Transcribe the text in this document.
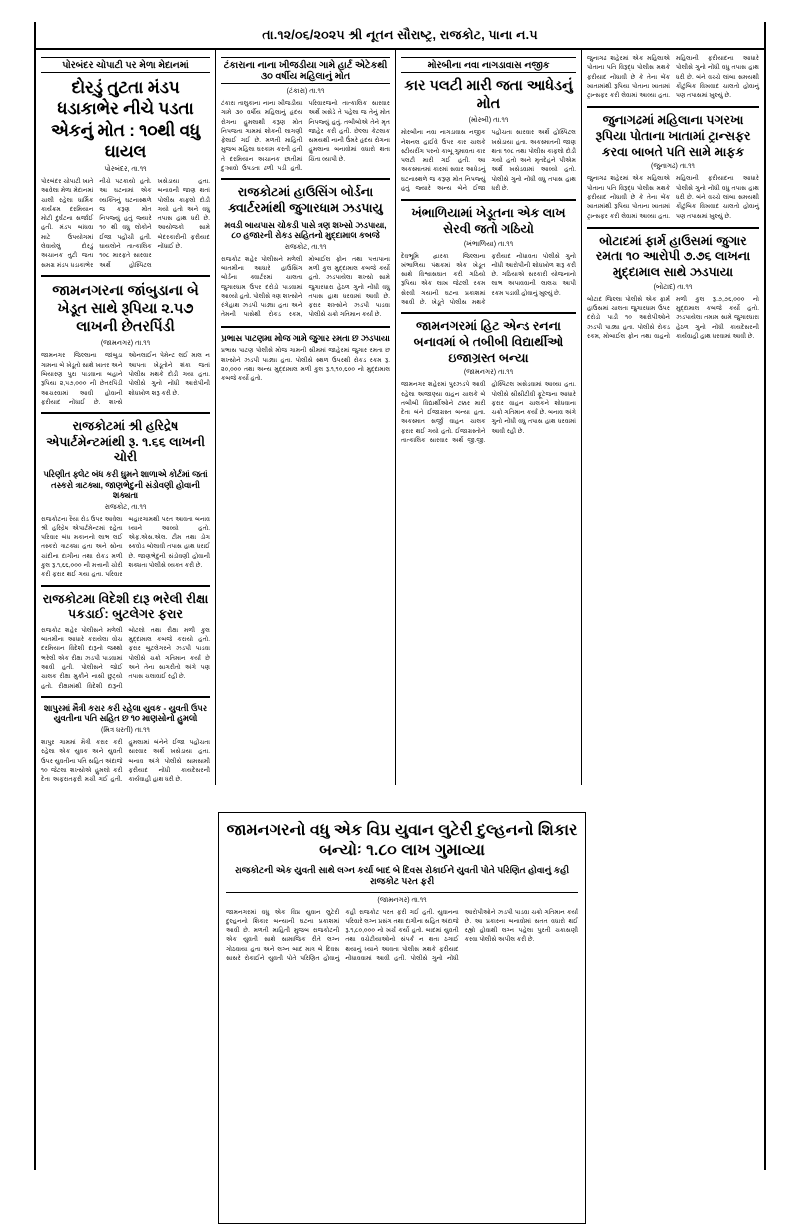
તા.૧૨/૦૬/૨૦૨૫ શ્રી નૂતન સૌરાષ્ટ્ર, રાજકોટ, પાના ન.૫
પોરબંદર ચોપાટી પર મેળા મેદાનમાં
દોરડું તુટતા મંડપ ધડાકાભેર નીચે પડતા એકનું મોત : ૧૦થી વધુ ઘાયલ
પોરબંદર, તા.૧૧

પોરબંદર ચોપાટી ખાતે આવેલા મેળા મેદાનમાં ચાલી રહેલા ધાર્મિક કાર્યક્રમ દરમિયાન મોટી દુર્ઘટના સર્જાઈ હતી. મંડપ બાંધવા માટે ઉપયોગમાં લેવાયેલું દોરડું અચાનક તુટી જતા સમગ્ર મંડપ ધડાકાભેર નીચે પટકાયો હતો. આ ઘટનામાં એક વ્યક્તિનું ઘટનાસ્થળે જ કરૂણ મોત નિપજ્યું હતું જ્યારે ૧૦ થી વધુ લોકોને ઈજા પહોંચી હતી. ઘાયલોને તાત્કાલિક ૧૦૮ મારફતે સારવાર અર્થે હોસ્પિટલ ખસેડાયા હતા. બનાવની જાણ થતાં પોલીસ કાફલો દોડી ગયો હતો અને વધુ તપાસ હાથ ધરી છે. આયોજકો સામે બેદરકારીની ફરીયાદ નોંધાઈ છે.

જામનગરના જાંબુડાના બે ખેડૂત સાથે રૂપિયા ૨.૫૭ લાખની છેતરપિંડી
(જામનગર) તા.૧૧

જામનગર જિલ્લાના જાંબુડા ગામના બે ખેડૂતો સાથે ખાતર અને બિયારણ પુરા પાડવાના બહાને રૂપિયા ૨,૫૭,૦૦૦ ની છેતરપિંડી આચરવામાં આવી હોવાની ફરીયાદ નોંધાઈ છે. શખ્સે ઓનલાઈન પેમેન્ટ લઈ માલ ન આપતા ખેડૂતોને શંકા જતાં પોલીસ મથકે દોડી ગયા હતા. પોલીસે ગુનો નોંધી આરોપીની શોધખોળ શરૂ કરી છે.

રાજકોટમાં શ્રી હરિદ્રેષ એપાર્ટમેન્ટમાંથી રૂ. ૧.૬૬ લાખની ચોરી
પરિણીત ફ્લેટ બંધ કરી ઘુમને શાળાએ કોર્ટમાં જતાં તસ્કરો ત્રાટક્યા, જાણભેદુની સંડોવણી હોવાની શક્યતા
રાજકોટ, તા.૧૧

રાજકોટના રૈયા રોડ ઉપર આવેલા શ્રી હરિદ્રેષ એપાર્ટમેન્ટમાં રહેતા પરિવાર બંધ મકાનનો લાભ લઈ તસ્કરો ત્રાટક્યા હતા અને સોના ચાંદીના દાગીના તથા રોકડ મળી કુલ રૂ.૧,૬૬,૦૦૦ ની મત્તાની ચોરી કરી ફરાર થઈ ગયા હતા. પરિવાર બહારગામથી પરત આવતા બનાવ ધ્યાને આવ્યો હતો. એફ.એસ.એલ. ટીમ તથા ડોગ સ્કવોડ બોલાવી તપાસ હાથ ધરાઈ છે. જાણભેદુની સંડોવણી હોવાની શક્યતા પોલીસે વ્યક્ત કરી છે.

રાજકોટમા વિદેશી દારૂ ભરેલી રીક્ષા પકડાઈ: બુટલેગર ફરાર

રાજકોટ શહેર પોલીસને મળેલી બાતમીના આધારે કરાયેલા વોચ દરમિયાન વિદેશી દારૂનો જથ્થો ભરેલી એક રીક્ષા ઝડપી પાડવામાં આવી હતી. પોલીસને જોઈ ચાલક રીક્ષા મુકીને નાસી છુટ્યો હતો. રીક્ષામાંથી વિદેશી દારૂની બોટલો તથા રીક્ષા મળી કુલ મુદ્દામાલ કબજે કરાયો હતો. ફરાર બુટલેગરને ઝડપી પાડવા પોલીસે ચક્રો ગતિમાન કર્યા છે અને તેના સાગરીતો અંગે પણ તપાસ ચલાવાઈ રહી છે.

શાપુરમાં મૈત્રી કરાર કરી રહેલા યુવક - યુવતી ઉપર યુવતીના પતિ સહિત છ ૧૦ માણસોનો હુમલો
(મિત્ર ધરતી) તા.૧૧

શાપુર ગામમાં મૈત્રી કરાર કરી રહેલા એક યુવક અને યુવતી ઉપર યુવતીના પતિ સહિત અંદાજે ૧૦ જેટલા શખ્સોએ હુમલો કરી દેતા અફરાતફરી મચી ગઈ હતી. હુમલામાં બંનેને ઈજા પહોંચતા સારવાર અર્થે ખસેડાયા હતા. બનાવ અંગે પોલીસે સામસામી ફરીયાદ નોંધી કાયદેસરની કાર્યવાહી હાથ ધરી છે.

ટંકારાના નાના ખીજડીયા ગામે હાર્ટ એટેકથી ૩૦ વર્ષીય મહિલાનું મોત
(ટંકારા) તા.૧૧

ટંકારા તાલુકાના નાના ખીજડીયા ગામે ૩૦ વર્ષીય મહિલાનું હૃદય રોગના હુમલાથી કરૂણ મોત નિપજતા ગામમાં શોકની લાગણી ફેલાઈ ગઈ છે. મળતી માહિતી મુજબ મહિલા ઘરકામ કરતી હતી તે દરમિયાન અચાનક છાતીમાં દુઃખાવો ઉપડતા ઢળી પડી હતી. પરિવારજનો તાત્કાલિક સારવાર અર્થે ખસેડે તે પહેલા જ તેનું મોત નિપજ્યું હતું. તબીબોએ તેને મૃત જાહેર કરી હતી. છેલ્લા કેટલાક સમયથી નાની ઉંમરે હૃદય રોગના હુમલાના બનાવોમાં વધારો થતા ચિંતા વ્યાપી છે.

રાજકોટમાં હાઉસિંગ બોર્ડના ક્વાર્ટરમાંથી જુગારધામ ઝડપાયુ
મવડી બાયપાસ ચોકડી પાસે ત્રણ શખ્સો ઝડપાયા, ૮૦ હજારની રોકડ સહિતનો મુદ્દામાલ કબજે
રાજકોટ, તા.૧૧

રાજકોટ શહેર પોલીસને મળેલી બાતમીના આધારે હાઉસિંગ બોર્ડના ક્વાર્ટરમાં ચાલતા જુગારધામ ઉપર દરોડો પાડવામાં આવ્યો હતો. પોલીસે ત્રણ શખ્સોને રંગેહાથ ઝડપી પાડ્યા હતા અને તેમની પાસેથી રોકડ રકમ, મોબાઈલ ફોન તથા પત્તાપાના મળી કુલ મુદ્દામાલ કબજે કર્યો હતો. ઝડપાયેલા શખ્સો સામે જુગારધારા હેઠળ ગુનો નોંધી વધુ તપાસ હાથ ધરવામાં આવી છે. ફરાર શખ્સોને ઝડપી પાડવા પોલીસે ચક્રો ગતિમાન કર્યા છે.

પ્રભાસ પાટણમા મોજ ગામે જુગાર રમતા છ ઝડપાયા

પ્રભાસ પાટણ પોલીસે મોજ ગામની સીમમાં જાહેરમાં જુગાર રમતા છ શખ્સોને ઝડપી પાડ્યા હતા. પોલીસે સ્થળ ઉપરથી રોકડ રકમ રૂ. ૨૦,૦૦૦ તથા અન્ય મુદ્દામાલ મળી કુલ રૂ.૧,૧૦,૬૦૦ નો મુદ્દામાલ કબજે કર્યો હતો.

મોરબીના નવા નાગડાવાસ નજીક
કાર પલટી મારી જતા આધેડનું મોત
(મોરબી) તા.૧૧

મોરબીના નવા નાગડાવાસ નજીક નેશનલ હાઈવે ઉપર કાર ચાલકે સ્ટીયરીંગ પરનો કાબૂ ગુમાવતા કાર પલટી મારી ગઈ હતી. આ અકસ્માતમાં કારમાં સવાર આધેડનું ઘટનાસ્થળે જ કરૂણ મોત નિપજ્યું હતું જ્યારે અન્ય બેને ઈજા પહોંચતા સારવાર અર્થે હોસ્પિટલ ખસેડાયા હતા. અકસ્માતની જાણ થતા ૧૦૮ તથા પોલીસ કાફલો દોડી ગયો હતો અને મૃતદેહને પીએમ અર્થે ખસેડવામાં આવ્યો હતો. પોલીસે ગુનો નોંધી વધુ તપાસ હાથ ધરી છે.

ખંભાળિયામાં ખેડૂતના એક લાખ સેરવી જતો ગઠિયો
(ખંભાળિયા) તા.૧૧

દેવભૂમિ દ્વારકા જિલ્લાના ખંભાળિયા પંથકમાં એક ખેડૂત સાથે વિશ્વાસઘાત કરી ગઠિયો રૂપિયા એક લાખ જેટલી રકમ સેરવી ગયાની ઘટના પ્રકાશમાં આવી છે. ખેડૂતે પોલીસ મથકે ફરીયાદ નોંધાવતા પોલીસે ગુનો નોંધી આરોપીની શોધખોળ શરૂ કરી છે. ગઠિયાએ સરકારી યોજનાનો લાભ અપાવવાની લાલચ આપી રકમ પડાવી હોવાનું ખુલ્યું છે.

જામનગરમાં હિટ એન્ડ રનના બનાવમાં બે તબીબી વિદ્યાર્થીઓ ઇજાગ્રસ્ત બન્યા
(જામનગર) તા.૧૧

જામનગર શહેરમાં પુરઝડપે આવી રહેલા અજાણ્યા વાહન ચાલકે બે તબીબી વિદ્યાર્થીઓને ટક્કર મારી દેતા બંને ઈજાગ્રસ્ત બન્યા હતા. અકસ્માત સર્જી વાહન ચાલક ફરાર થઈ ગયો હતો. ઈજાગ્રસ્તોને તાત્કાલિક સારવાર અર્થે જી.જી. હોસ્પિટલ ખસેડવામાં આવ્યા હતા. પોલીસે સીસીટીવી ફૂટેજના આધારે ફરાર વાહન ચાલકને શોધવાના ચક્રો ગતિમાન કર્યા છે. બનાવ અંગે ગુનો નોંધી વધુ તપાસ હાથ ધરવામાં આવી રહી છે.

જુનાગઢ શહેરમાં એક મહિલાએ પોતાના પતિ વિરૂદ્ધ પોલીસ મથકે ફરીયાદ નોંધાવી છે કે તેના બેંક ખાતામાંથી રૂપિયા પોતાના ખાતામાં ટ્રાન્સફર કરી લેવામાં આવ્યા હતા. મહિલાની ફરીયાદના આધારે પોલીસે ગુનો નોંધી વધુ તપાસ હાથ ધરી છે. બંને વચ્ચે લાંબા સમયથી કૌટુંબિક વિખવાદ ચાલતો હોવાનું પણ તપાસમાં ખુલ્યું છે.

જુનાગઢમાં મહિલાના પગરખા રૂપિયા પોતાના ખાતામાં ટ્રાન્સફર કરવા બાબતે પતિ સામે માફક
(જુનાગઢ) તા.૧૧

જુનાગઢ શહેરમાં એક મહિલાએ પોતાના પતિ વિરૂદ્ધ પોલીસ મથકે ફરીયાદ નોંધાવી છે કે તેના બેંક ખાતામાંથી રૂપિયા પોતાના ખાતામાં ટ્રાન્સફર કરી લેવામાં આવ્યા હતા. મહિલાની ફરીયાદના આધારે પોલીસે ગુનો નોંધી વધુ તપાસ હાથ ધરી છે. બંને વચ્ચે લાંબા સમયથી કૌટુંબિક વિખવાદ ચાલતો હોવાનું પણ તપાસમાં ખુલ્યું છે.

બોટાદમાં ફાર્મ હાઉસમાં જુગાર રમતા ૧૦ આરોપી ૭.૭૬ લાખના મુદ્દામાલ સાથે ઝડપાયા
(બોટાદ) તા.૧૧

બોટાદ જિલ્લા પોલીસે એક ફાર્મ હાઉસમાં ચાલતા જુગારધામ ઉપર દરોડો પાડી ૧૦ આરોપીઓને ઝડપી પાડ્યા હતા. પોલીસે રોકડ રકમ, મોબાઈલ ફોન તથા વાહનો મળી કુલ રૂ.૭,૭૬,૦૦૦ નો મુદ્દામાલ કબજે કર્યો હતો. ઝડપાયેલા તમામ સામે જુગારધારા હેઠળ ગુનો નોંધી કાયદેસરની કાર્યવાહી હાથ ધરવામાં આવી છે.

જામનગરનો વધુ એક વિપ્ર યુવાન લુટેરી દુલ્હનનો શિકાર બન્યોઃ ૧.૮૦ લાખ ગુમાવ્યા
રાજકોટની એક યુવતી સાથે લગ્ન કર્યા બાદ બે દિવસ રોકાઈને યુવતી પોતે પરિણિત હોવાનું કહી રાજકોટ પરત ફરી
(જામનગર) તા.૧૧

જામનગરમાં વધુ એક વિપ્ર યુવાન લુટેરી દુલ્હનનો શિકાર બન્યાની ઘટના પ્રકાશમાં આવી છે. મળતી માહિતી મુજબ રાજકોટની એક યુવતી સાથે સામાજિક રીતે લગ્ન ગોઠવાયા હતા અને લગ્ન બાદ માત્ર બે દિવસ સાસરે રોકાઈને યુવતી પોતે પરિણિત હોવાનું કહી રાજકોટ પરત ફરી ગઈ હતી. યુવાનના પરિવારે લગ્ન પ્રસંગ તથા દાગીના સહિત અંદાજે રૂ.૧,૮૦,૦૦૦ નો ખર્ચ કર્યો હતો. બાદમાં યુવતી તથા વચેટીયાઓનો સંપર્ક ન થતા ઠગાઈ થયાનું ધ્યાને આવતા પોલીસ મથકે ફરીયાદ નોંધાવવામાં આવી હતી. પોલીસે ગુનો નોંધી આરોપીઓને ઝડપી પાડવા ચક્રો ગતિમાન કર્યા છે. આ પ્રકારના બનાવોમાં સતત વધારો થઈ રહ્યો હોવાથી લગ્ન પહેલા પુરતી ચકાસણી કરવા પોલીસે અપીલ કરી છે.
